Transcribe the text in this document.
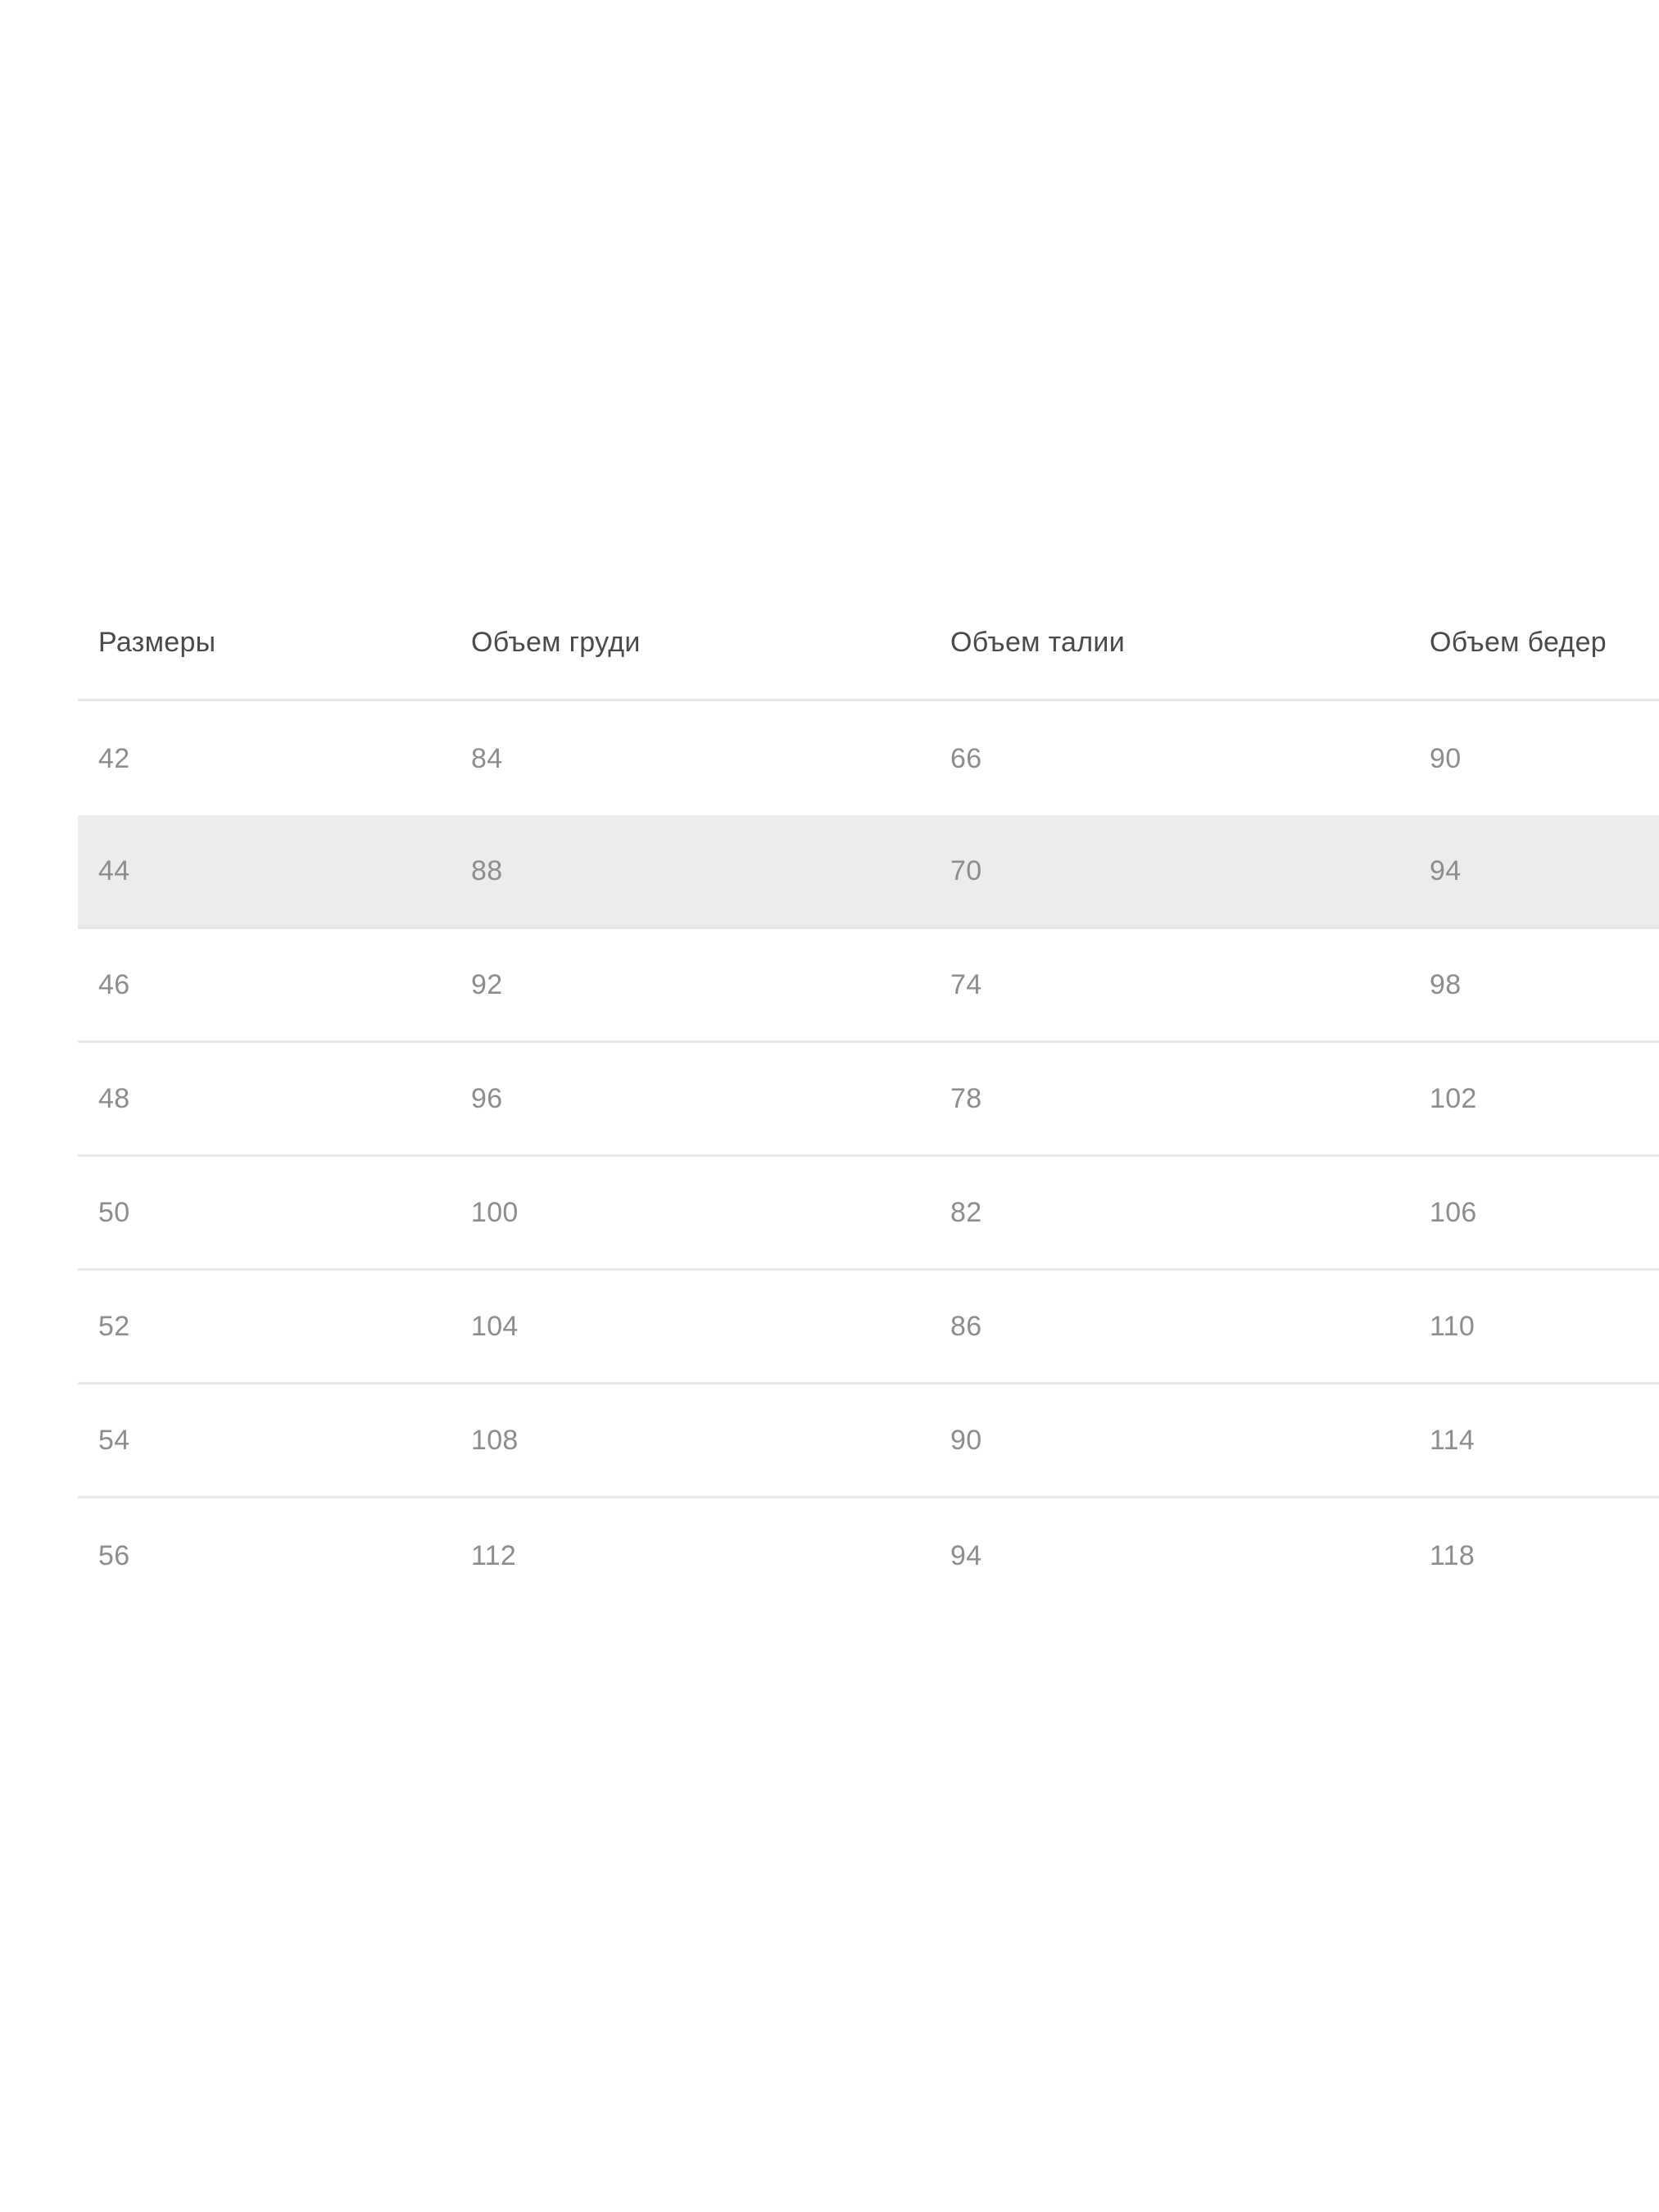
Размеры	Объем груди	Объем талии	Объем бедер
42	84	66	90
44	88	70	94
46	92	74	98
48	96	78	102
50	100	82	106
52	104	86	110
54	108	90	114
56	112	94	118
